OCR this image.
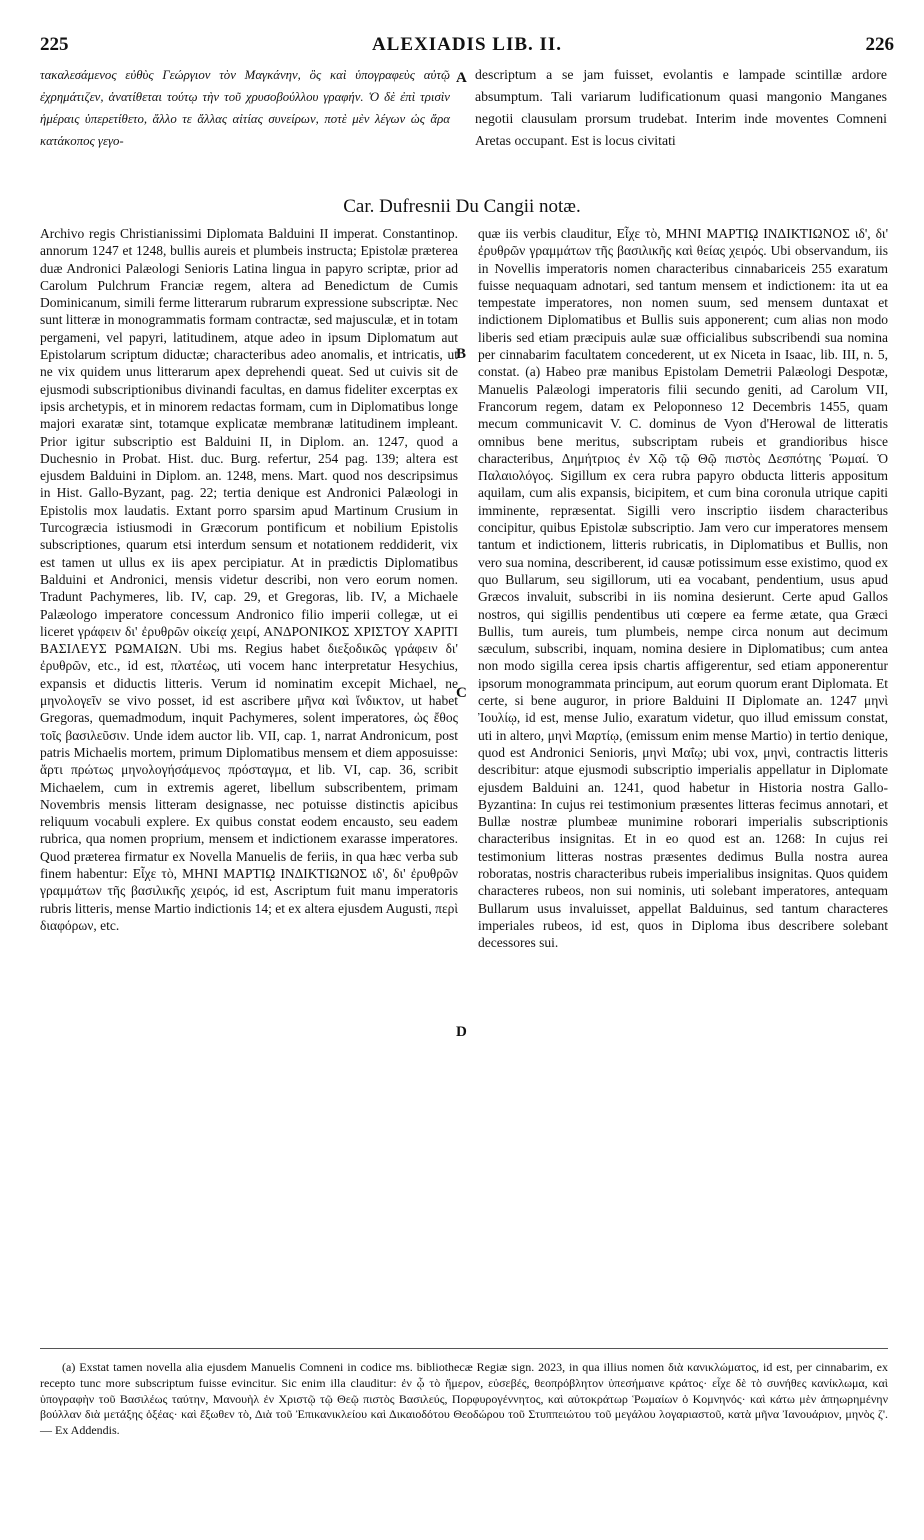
225	ALEXIADIS LIB. II.	226
τακαλεσάμενος εὐθὺς Γεώργιον τὸν Μαγκάνην, ὃς καὶ ὑπογραφεὺς αὐτῷ ἐχρημάτιζεν, ἀνατίθεται τούτῳ τὴν τοῦ χρυσοβούλλου γραφήν. Ὁ δὲ ἐπὶ τρισὶν ἡμέραις ὑπερετίθετο, ἄλλο τε ἄλλας αἰτίας συνείρων, ποτὲ μὲν λέγων ὡς ἄρα κατάκοπος γεγο-
descriptum a se jam fuisset, evolantis e lampade scintillæ ardore absumptum. Tali variarum ludificationum quasi mangonio Manganes negotii clausulam prorsum trudebat. Interim inde moventes Comneni Aretas occupant. Est is locus civitati
A
Car. Dufresnii Du Cangii notæ.

Archivo regis Christianissimi Diplomata Balduini II imperat. Constantinop. annorum 1247 et 1248, bullis aureis et plumbeis instructa; Epistolæ præterea duæ Andronici Palæologi Senioris Latina lingua in papyro scriptæ, prior ad Carolum Pulchrum Franciæ regem, altera ad Benedictum de Cumis Dominicanum, simili ferme litterarum rubrarum expressione subscriptæ. Nec sunt litteræ in monogrammatis formam contractæ, sed majusculæ, et in totam pergameni, vel papyri, latitudinem, atque adeo in ipsum Diplomatum aut Epistolarum scriptum diductæ; characteribus adeo anomalis, et intricatis, ut ne vix quidem unus litterarum apex deprehendi queat. Sed ut cuivis sit de ejusmodi subscriptionibus divinandi facultas, en damus fideliter excerptas ex ipsis archetypis, et in minorem redactas formam, cum in Diplomatibus longe majori exaratæ sint, totamque explicatæ membranæ latitudinem impleant. Prior igitur subscriptio est Balduini II, in Diplom. an. 1247, quod a Duchesnio in Probat. Hist. duc. Burg. refertur, 254 pag. 139; altera est ejusdem Balduini in Diplom. an. 1248, mens. Mart. quod nos descripsimus in Hist. Gallo-Byzant, pag. 22; tertia denique est Andronici Palæologi in Epistolis mox laudatis. Extant porro sparsim apud Martinum Crusium in Turcogræcia istiusmodi in Græcorum pontificum et nobilium Epistolis subscriptiones, quarum etsi interdum sensum et notationem reddiderit, vix est tamen ut ullus ex iis apex percipiatur. At in prædictis Diplomatibus Balduini et Andronici, mensis videtur describi, non vero eorum nomen. Tradunt Pachymeres, lib. IV, cap. 29, et Gregoras, lib. IV, a Michaele Palæologo imperatore concessum Andronico filio imperii collegæ, ut ei liceret γράφειν δι' ἐρυθρῶν οἰκείᾳ χειρί, ΑΝΔΡΟΝΙΚΟΣ ΧΡΙΣΤΟΥ ΧΑΡΙΤΙ ΒΑΣΙΛΕΥΣ ΡΩΜΑΙΩΝ. Ubi ms. Regius habet διεξοδικῶς γράφειν δι' ἐρυθρῶν, etc., id est, πλατέως, uti vocem hanc interpretatur Hesychius, expansis et diductis litteris. Verum id nominatim excepit Michael, ne μηνολογεῖν se vivo posset, id est ascribere μῆνα καὶ ἴνδικτον, ut habet Gregoras, quemadmodum, inquit Pachymeres, solent imperatores, ὡς ἔθος τοῖς βασιλεῦσιν. Unde idem auctor lib. VII, cap. 1, narrat Andronicum, post patris Michaelis mortem, primum Diplomatibus mensem et diem apposuisse: ἄρτι πρώτως μηνολογήσάμενος πρόσταγμα, et lib. VI, cap. 36, scribit Michaelem, cum in extremis ageret, libellum subscribentem, primam Novembris mensis litteram designasse, nec potuisse distinctis apicibus reliquum vocabuli explere. Ex quibus constat eodem encausto, seu eadem rubrica, qua nomen proprium, mensem et indictionem exarasse imperatores. Quod præterea firmatur ex Novella Manuelis de feriis, in qua hæc verba sub finem habentur: Εἶχε τὸ, ΜΗΝΙ ΜΑΡΤΙῼ ΙΝΔΙΚΤΙΩΝΟΣ ιδ', δι' ἐρυθρῶν γραμμάτων τῆς βασιλικῆς χειρός, id est, Ascriptum fuit manu imperatoris rubris litteris, mense Martio indictionis 14; et ex altera ejusdem Augusti, περὶ διαφόρων, etc.

quæ iis verbis clauditur, Εἶχε τὸ, ΜΗΝΙ ΜΑΡΤΙῼ ΙΝΔΙΚΤΙΩΝΟΣ ιδ', δι' ἐρυθρῶν γραμμάτων τῆς βασιλικῆς καὶ θείας χειρός. Ubi observandum, iis in Novellis imperatoris nomen characteribus cinnabariceis 255 exaratum fuisse nequaquam adnotari, sed tantum mensem et indictionem: ita ut ea tempestate imperatores, non nomen suum, sed mensem duntaxat et indictionem Diplomatibus et Bullis suis apponerent; cum alias non modo liberis sed etiam præcipuis aulæ suæ officialibus subscribendi sua nomina per cinnabarim facultatem concederent, ut ex Niceta in Isaac, lib. III, n. 5, constat. (a) Habeo præ manibus Epistolam Demetrii Palæologi Despotæ, Manuelis Palæologi imperatoris filii secundo geniti, ad Carolum VII, Francorum regem, datam ex Peloponneso 12 Decembris 1455, quam mecum communicavit V. C. dominus de Vyon d'Herowal de litteratis omnibus bene meritus, subscriptam rubeis et grandioribus hisce characteribus, Δημήτριος ἐν Χῷ τῷ Θῷ πιστὸς Δεσπότης Ῥωμαί. Ὁ Παλαιολόγος. Sigillum ex cera rubra papyro obducta litteris appositum aquilam, cum alis expansis, bicipitem, et cum bina coronula utrique capiti imminente, repræsentat. Sigilli vero inscriptio iisdem characteribus concipitur, quibus Epistolæ subscriptio. Jam vero cur imperatores mensem tantum et indictionem, litteris rubricatis, in Diplomatibus et Bullis, non vero sua nomina, describerent, id causæ potissimum esse existimo, quod ex quo Bullarum, seu sigillorum, uti ea vocabant, pendentium, usus apud Græcos invaluit, subscribi in iis nomina desierunt. Certe apud Gallos nostros, qui sigillis pendentibus uti cœpere ea ferme ætate, qua Græci Bullis, tum aureis, tum plumbeis, nempe circa nonum aut decimum sæculum, subscribi, inquam, nomina desiere in Diplomatibus; cum antea non modo sigilla cerea ipsis chartis affigerentur, sed etiam apponerentur ipsorum monogrammata principum, aut eorum quorum erant Diplomata. Et certe, si bene auguror, in priore Balduini II Diplomate an. 1247 μηνὶ Ἰουλίῳ, id est, mense Julio, exaratum videtur, quo illud emissum constat, uti in altero, μηνὶ Μαρτίῳ, (emissum enim mense Martio) in tertio denique, quod est Andronici Senioris, μηνὶ Μαΐῳ; ubi vox, μηνὶ, contractis litteris describitur: atque ejusmodi subscriptio imperialis appellatur in Diplomate ejusdem Balduini an. 1241, quod habetur in Historia nostra Gallo-Byzantina: In cujus rei testimonium præsentes litteras fecimus annotari, et Bullæ nostræ plumbeæ munimine roborari imperialis subscriptionis characteribus insignitas. Et in eo quod est an. 1268: In cujus rei testimonium litteras nostras præsentes dedimus Bulla nostra aurea roboratas, nostris characteribus rubeis imperialibus insignitas. Quos quidem characteres rubeos, non sui nominis, uti solebant imperatores, antequam Bullarum usus invaluisset, appellat Balduinus, sed tantum characteres imperiales rubeos, id est, quos in Diploma ibus describere solebant decessores sui.

B
C
D

(a) Exstat tamen novella alia ejusdem Manuelis Comneni in codice ms. bibliothecæ Regiæ sign. 2023, in qua illius nomen διὰ κανικλώματος, id est, per cinnabarim, ex recepto tunc more subscriptum fuisse evincitur. Sic enim illa clauditur: ἐν ᾧ τὸ ἥμερον, εὐσεβές, θεοπρόβλητον ὑπεσήμαινε κράτος· εἶχε δὲ τὸ συνήθες κανίκλωμα, καὶ ὑπογραφὴν τοῦ Βασιλέως ταύτην, Μανουὴλ ἐν Χριστῷ τῷ Θεῷ πιστὸς Βασιλεύς, Πορφυρογέννητος, καὶ αὐτοκράτωρ Ῥωμαίων ὁ Κομνηνός· καὶ κάτω μὲν ἀπηωρημένην βούλλαν διὰ μετάξης ὁξέας· καὶ ἔξωθεν τὸ, Διὰ τοῦ Ἐπικανικλείου καὶ Δικαιοδότου Θεοδώρου τοῦ Στυππειώτου τοῦ μεγάλου λογαριαστοῦ, κατὰ μῆνα Ἰανουάριον, μηνὸς ζ'. — Ex Addendis.
